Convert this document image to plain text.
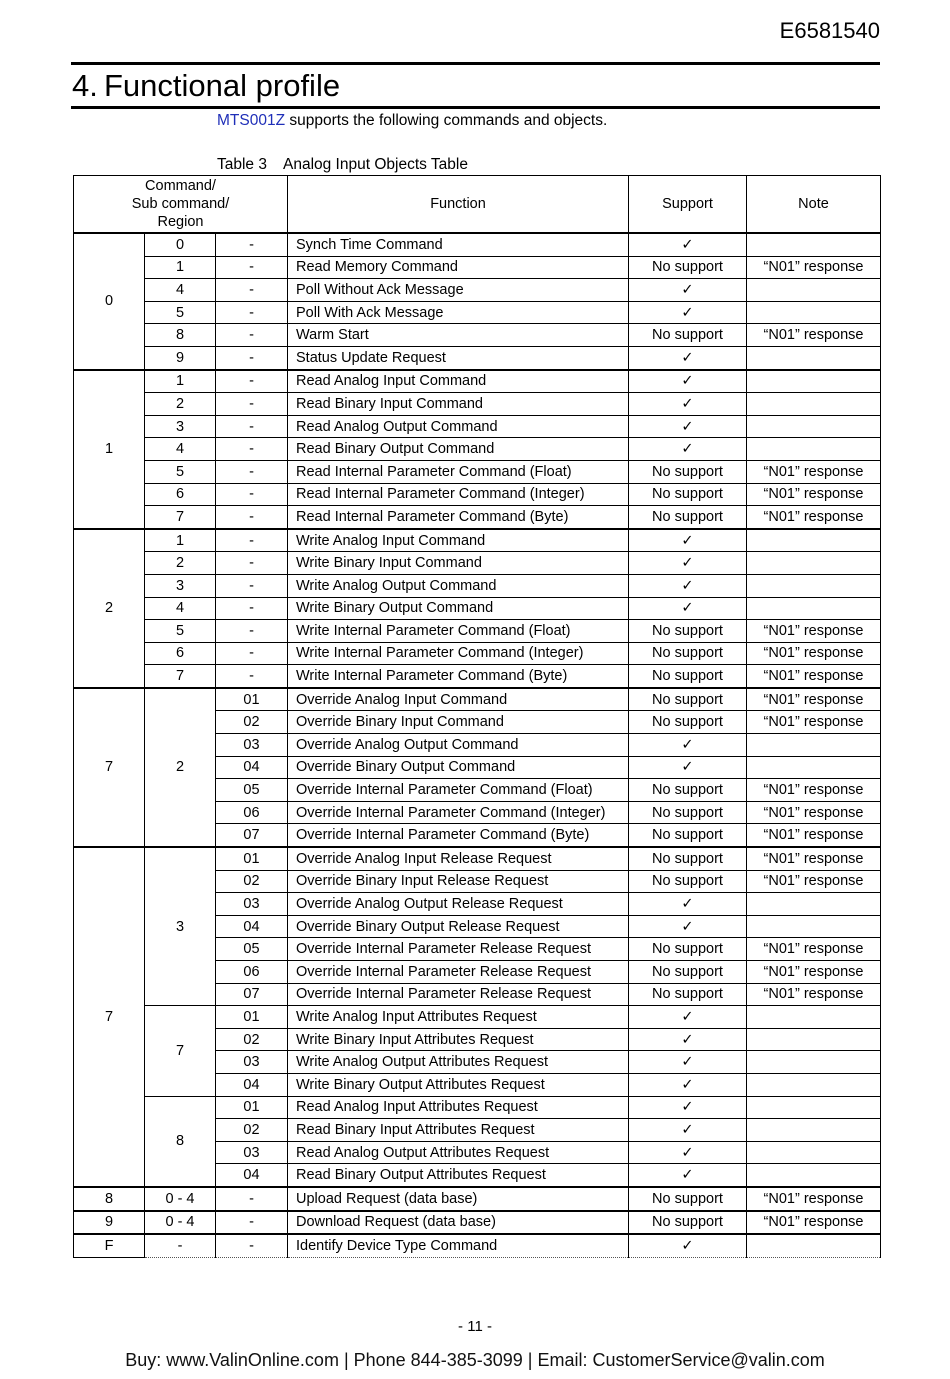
E6581540
4. Functional profile
MTS001Z supports the following commands and objects.
Table 3 Analog Input Objects Table
Command/
Sub command/
Region			Function	Support	Note
0	0	-	Synch Time Command	✓	
	1	-	Read Memory Command	No support	“N01” response
	4	-	Poll Without Ack Message	✓	
	5	-	Poll With Ack Message	✓	
	8	-	Warm Start	No support	“N01” response
	9	-	Status Update Request	✓	
1	1	-	Read Analog Input Command	✓	
	2	-	Read Binary Input Command	✓	
	3	-	Read Analog Output Command	✓	
	4	-	Read Binary Output Command	✓	
	5	-	Read Internal Parameter Command (Float)	No support	“N01” response
	6	-	Read Internal Parameter Command (Integer)	No support	“N01” response
	7	-	Read Internal Parameter Command (Byte)	No support	“N01” response
2	1	-	Write Analog Input Command	✓	
	2	-	Write Binary Input Command	✓	
	3	-	Write Analog Output Command	✓	
	4	-	Write Binary Output Command	✓	
	5	-	Write Internal Parameter Command (Float)	No support	“N01” response
	6	-	Write Internal Parameter Command (Integer)	No support	“N01” response
	7	-	Write Internal Parameter Command (Byte)	No support	“N01” response
7	2	01	Override Analog Input Command	No support	“N01” response
		02	Override Binary Input Command	No support	“N01” response
		03	Override Analog Output Command	✓	
		04	Override Binary Output Command	✓	
		05	Override Internal Parameter Command (Float)	No support	“N01” response
		06	Override Internal Parameter Command (Integer)	No support	“N01” response
		07	Override Internal Parameter Command (Byte)	No support	“N01” response
7	3	01	Override Analog Input Release Request	No support	“N01” response
		02	Override Binary Input Release Request	No support	“N01” response
		03	Override Analog Output Release Request	✓	
		04	Override Binary Output Release Request	✓	
		05	Override Internal Parameter Release Request	No support	“N01” response
		06	Override Internal Parameter Release Request	No support	“N01” response
		07	Override Internal Parameter Release Request	No support	“N01” response
	7	01	Write Analog Input Attributes Request	✓	
		02	Write Binary Input Attributes Request	✓	
		03	Write Analog Output Attributes Request	✓	
		04	Write Binary Output Attributes Request	✓	
	8	01	Read Analog Input Attributes Request	✓	
		02	Read Binary Input Attributes Request	✓	
		03	Read Analog Output Attributes Request	✓	
		04	Read Binary Output Attributes Request	✓	
8	0 - 4	-	Upload Request (data base)	No support	“N01” response
9	0 - 4	-	Download Request (data base)	No support	“N01” response
F	-	-	Identify Device Type Command	✓	
- 11 -
Buy: www.ValinOnline.com | Phone 844-385-3099 | Email: CustomerService@valin.com
